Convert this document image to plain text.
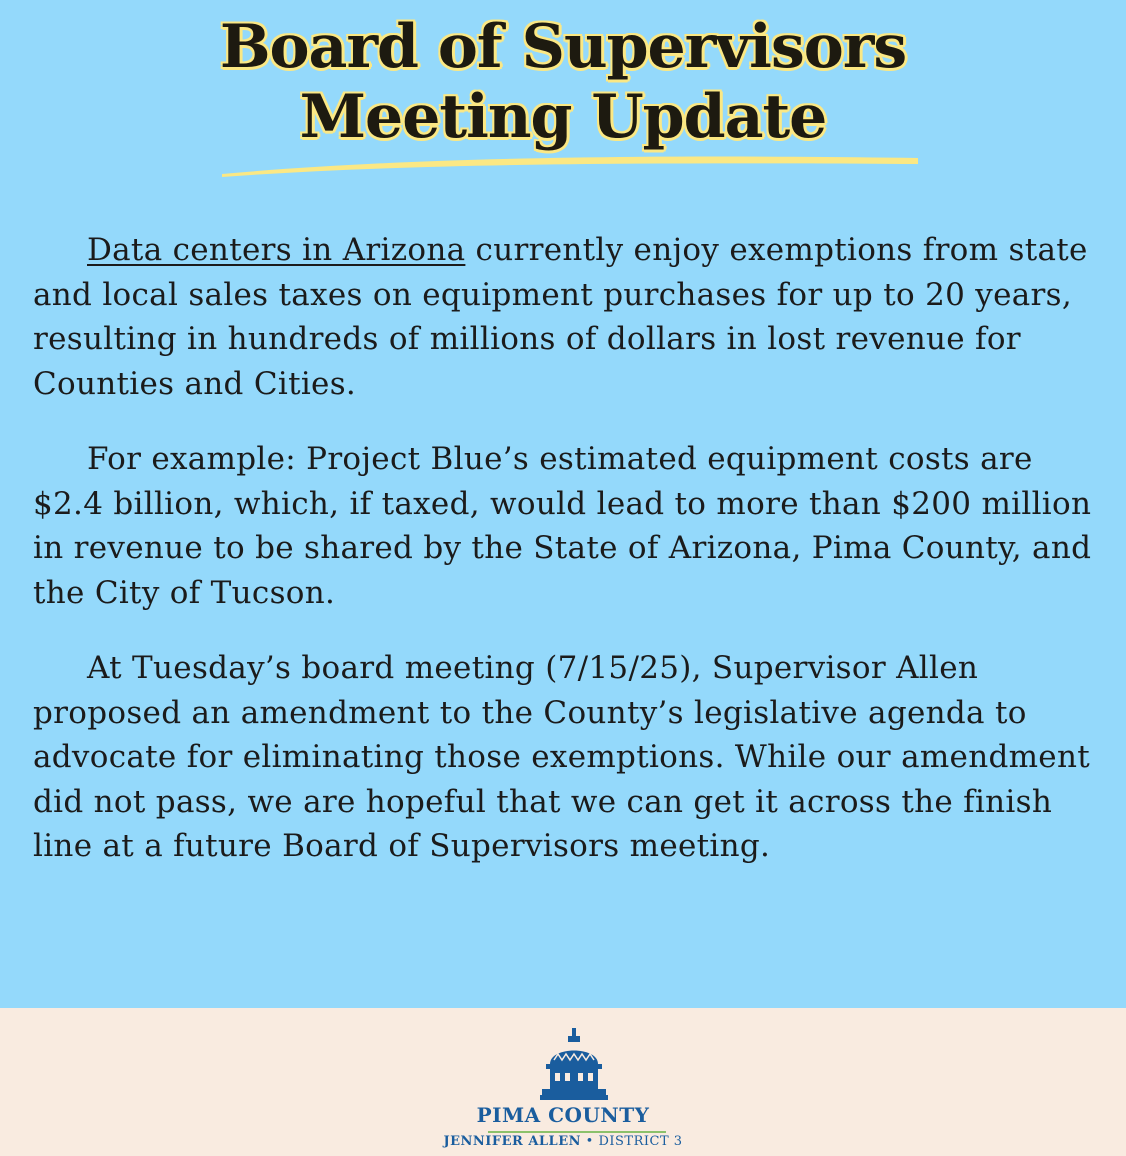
Board of Supervisors
Meeting Update

Data centers in Arizona currently enjoy exemptions from state and local sales taxes on equipment purchases for up to 20 years, resulting in hundreds of millions of dollars in lost revenue for Counties and Cities.

For example: Project Blue’s estimated equipment costs are $2.4 billion, which, if taxed, would lead to more than $200 million in revenue to be shared by the State of Arizona, Pima County, and the City of Tucson.

At Tuesday’s board meeting (7/15/25), Supervisor Allen proposed an amendment to the County’s legislative agenda to advocate for eliminating those exemptions. While our amendment did not pass, we are hopeful that we can get it across the finish line at a future Board of Supervisors meeting.

PIMA COUNTY
JENNIFER ALLEN • DISTRICT 3
